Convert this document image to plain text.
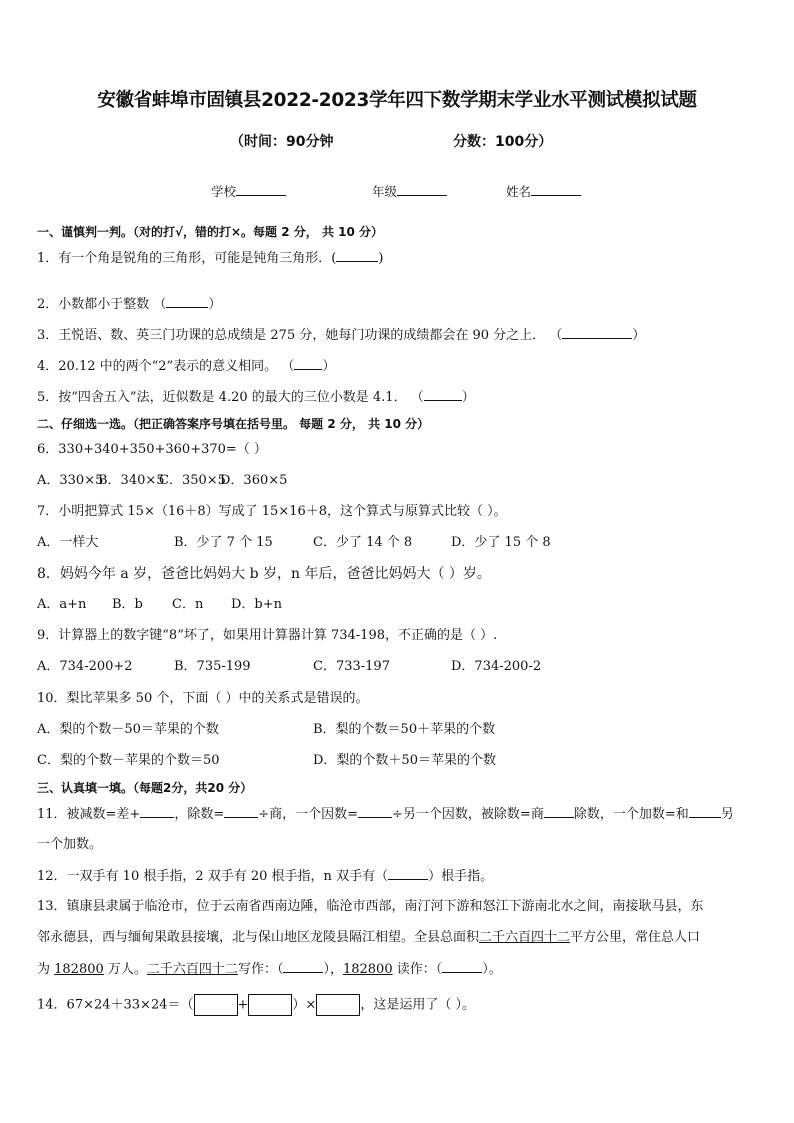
安徽省蚌埠市固镇县2022-2023学年四下数学期末学业水平测试模拟试题
（时间：90分钟	分数：100分）
学校	年级	姓名
一、谨慎判一判。（对的打√，错的打×。每题 2 分， 共 10 分）
1．有一个角是锐角的三角形，可能是钝角三角形．(	)
2．小数都小于整数 （	）
3．王悦语、数、英三门功课的总成绩是 275 分，她每门功课的成绩都会在 90 分之上． （	）
4．20.12 中的两个“2”表示的意义相同。 （ ）
5．按“四舍五入”法，近似数是 4.20 的最大的三位小数是 4.1． （	）
二、仔细选一选。（把正确答案序号填在括号里。 每题 2 分， 共 10 分）
6．330+340+350+360+370=（ ）
A．330×5
B．340×5
C．350×5
D．360×5
7．小明把算式 15×（16＋8）写成了 15×16＋8，这个算式与原算式比较（ ）。
A．一样大	B．少了 7 个 15	C．少了 14 个 8	D．少了 15 个 8
8．妈妈今年 a 岁，爸爸比妈妈大 b 岁，n 年后，爸爸比妈妈大（ ）岁。
A．a+n B．b C．n D．b+n
9．计算器上的数字键“8”坏了，如果用计算器计算 734-198，不正确的是（ ）.
A．734-200+2	B．735-199	C．733-197	D．734-200-2
10．梨比苹果多 50 个，下面（ ）中的关系式是错误的。
A．梨的个数－50＝苹果的个数	B．梨的个数＝50＋苹果的个数
C．梨的个数－苹果的个数＝50	D．梨的个数＋50＝苹果的个数
三、认真填一填。（每题2分，共20 分）
11．被减数=差+	，除数=	÷商，一个因数=	÷另一个因数，被除数=商 除数，一个加数=和 另
一个加数。
12．一双手有 10 根手指，2 双手有 20 根手指，n 双手有（	）根手指。
13．镇康县隶属于临沧市，位于云南省西南边陲，临沧市西部，南汀河下游和怒江下游南北水之间，南接耿马县，东
邻永德县，西与缅甸果敢县接壤，北与保山地区龙陵县隔江相望。全县总面积二千六百四十二平方公里，常住总人口
为 182800 万人。二千六百四十二写作：（	），182800 读作：（	）。
14．67×24＋33×24＝（	+	）×	，这是运用了（ ）。
